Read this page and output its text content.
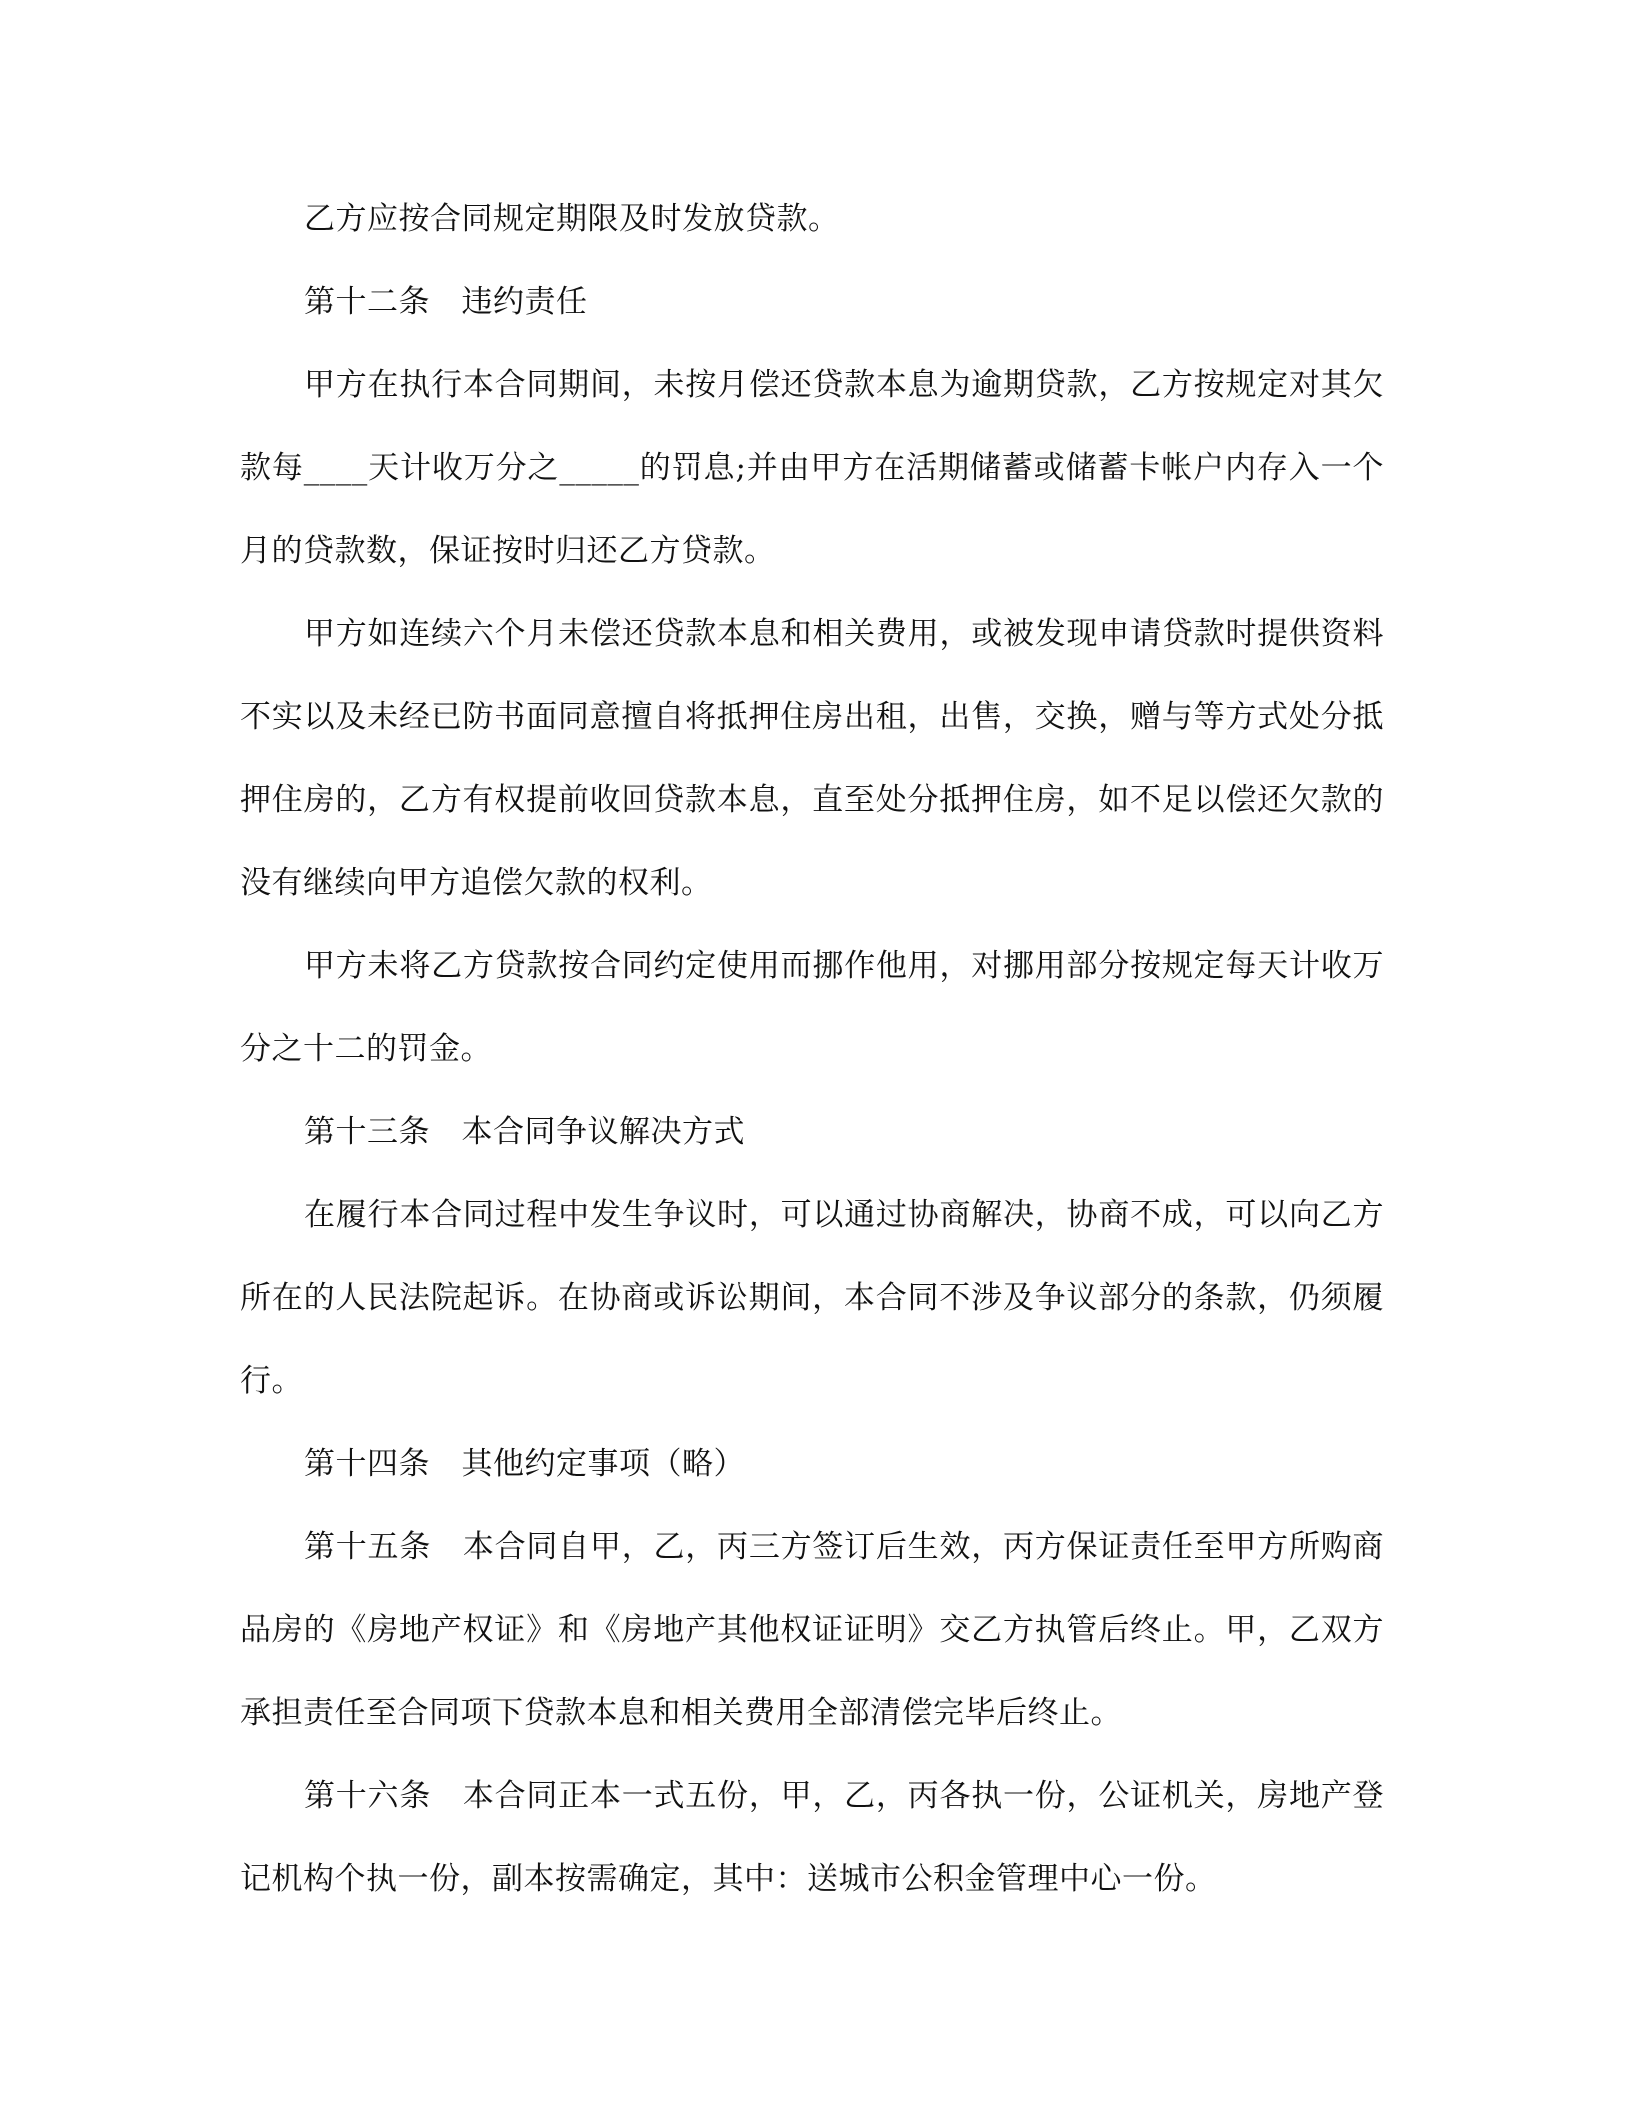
乙方应按合同规定期限及时发放贷款。

第十二条　违约责任

甲方在执行本合同期间，未按月偿还贷款本息为逾期贷款，乙方按规定对其欠款每____天计收万分之_____的罚息;并由甲方在活期储蓄或储蓄卡帐户内存入一个月的贷款数，保证按时归还乙方贷款。

甲方如连续六个月未偿还贷款本息和相关费用，或被发现申请贷款时提供资料不实以及未经已防书面同意擅自将抵押住房出租，出售，交换，赠与等方式处分抵押住房的，乙方有权提前收回贷款本息，直至处分抵押住房，如不足以偿还欠款的没有继续向甲方追偿欠款的权利。

甲方未将乙方贷款按合同约定使用而挪作他用，对挪用部分按规定每天计收万分之十二的罚金。

第十三条　本合同争议解决方式

在履行本合同过程中发生争议时，可以通过协商解决，协商不成，可以向乙方所在的人民法院起诉。在协商或诉讼期间，本合同不涉及争议部分的条款，仍须履行。

第十四条　其他约定事项（略）

第十五条　本合同自甲，乙，丙三方签订后生效，丙方保证责任至甲方所购商品房的《房地产权证》和《房地产其他权证证明》交乙方执管后终止。甲，乙双方承担责任至合同项下贷款本息和相关费用全部清偿完毕后终止。

第十六条　本合同正本一式五份，甲，乙，丙各执一份，公证机关，房地产登记机构个执一份，副本按需确定，其中：送城市公积金管理中心一份。
